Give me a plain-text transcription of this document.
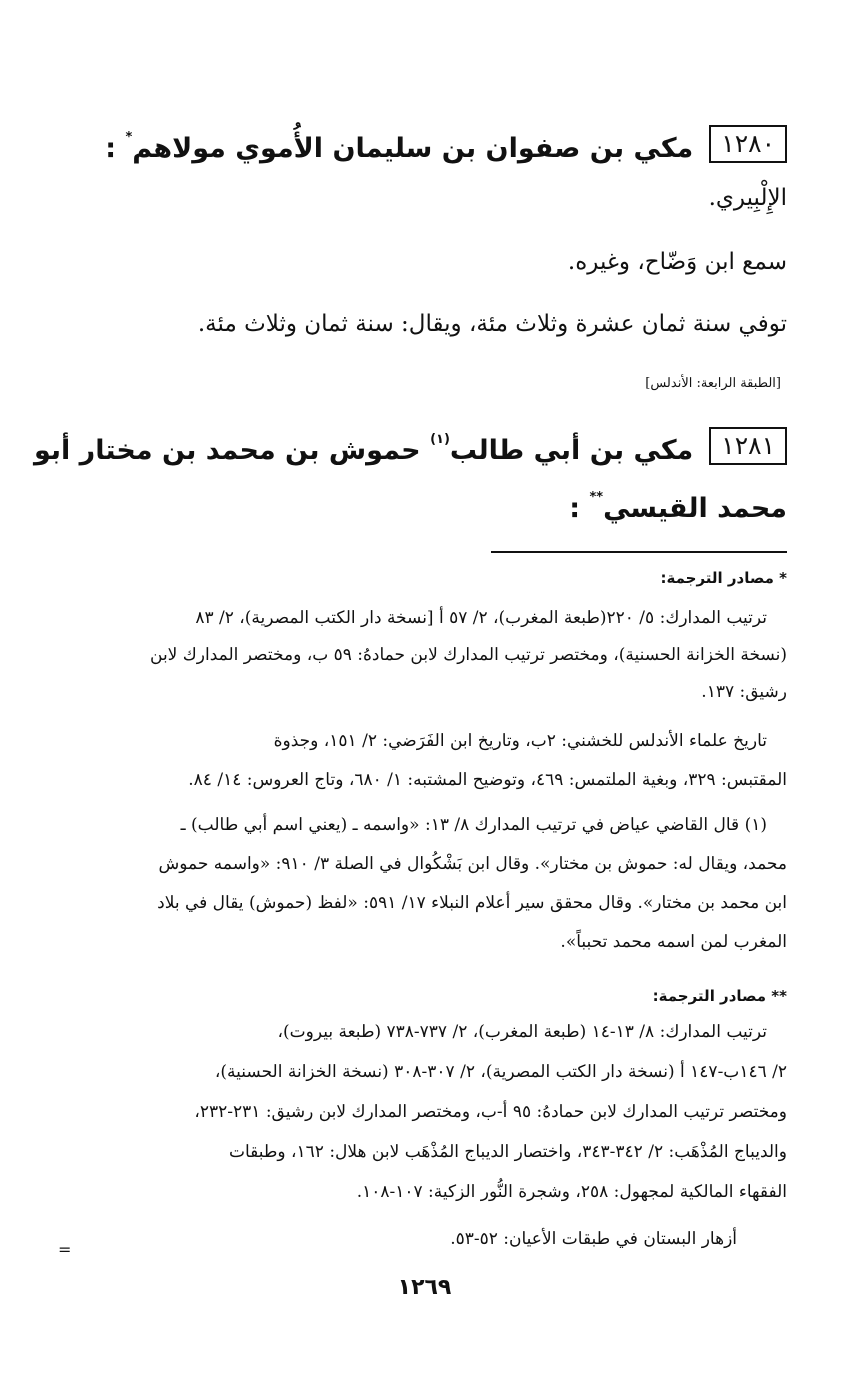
١٢٨٠مكي بن صفوان بن سليمان الأُموي مولاهم* :
الإِلْبِيري.
سمع ابن وَضّاح، وغيره.
توفي سنة ثمان عشرة وثلاث مئة، ويقال: سنة ثمان وثلاث مئة.
[الطبقة الرابعة: الأندلس]
١٢٨١مكي بن أبي طالب$^{(١)}$ حموش بن محمد بن مختار أبو
محمد القيسي** :
* مصادر الترجمة:
ترتيب المدارك: ٥/ ٢٢٠(طبعة المغرب)، ٢/ ٥٧ أ [نسخة دار الكتب المصرية)، ٢/ ٨٣
(نسخة الخزانة الحسنية)، ومختصر ترتيب المدارك لابن حمادهُ: ٥٩ ب، ومختصر المدارك لابن
رشيق: ١٣٧.
تاريخ علماء الأندلس للخشني: ٢ب، وتاريخ ابن الفَرَضي: ٢/ ١٥١، وجذوة
المقتبس: ٣٢٩، وبغية الملتمس: ٤٦٩، وتوضيح المشتبه: ١/ ٦٨٠، وتاج العروس: ١٤/ ٨٤.
(١) قال القاضي عياض في ترتيب المدارك ٨/ ١٣: «واسمه ـ (يعني اسم أبي طالب) ـ
محمد، ويقال له: حموش بن مختار». وقال ابن بَشْكُوال في الصلة ٣/ ٩١٠: «واسمه حموش
ابن محمد بن مختار». وقال محقق سير أعلام النبلاء ١٧/ ٥٩١: «لفظ (حموش) يقال في بلاد
المغرب لمن اسمه محمد تحبباً».
** مصادر الترجمة:
ترتيب المدارك: ٨/ ١٣-١٤ (طبعة المغرب)، ٢/ ٧٣٧-٧٣٨ (طبعة بيروت)،
٢/ ١٤٦ب-١٤٧ أ (نسخة دار الكتب المصرية)، ٢/ ٣٠٧-٣٠٨ (نسخة الخزانة الحسنية)،
ومختصر ترتيب المدارك لابن حمادهُ: ٩٥ أ-ب، ومختصر المدارك لابن رشيق: ٢٣١-٢٣٢،
والديباج المُذْهَب: ٢/ ٣٤٢-٣٤٣، واختصار الديباج المُذْهَب لابن هلال: ١٦٢، وطبقات
الفقهاء المالكية لمجهول: ٢٥٨، وشجرة النُّور الزكية: ١٠٧-١٠٨.
أزهار البستان في طبقات الأعيان: ٥٢-٥٣.
=
١٢٦٩
